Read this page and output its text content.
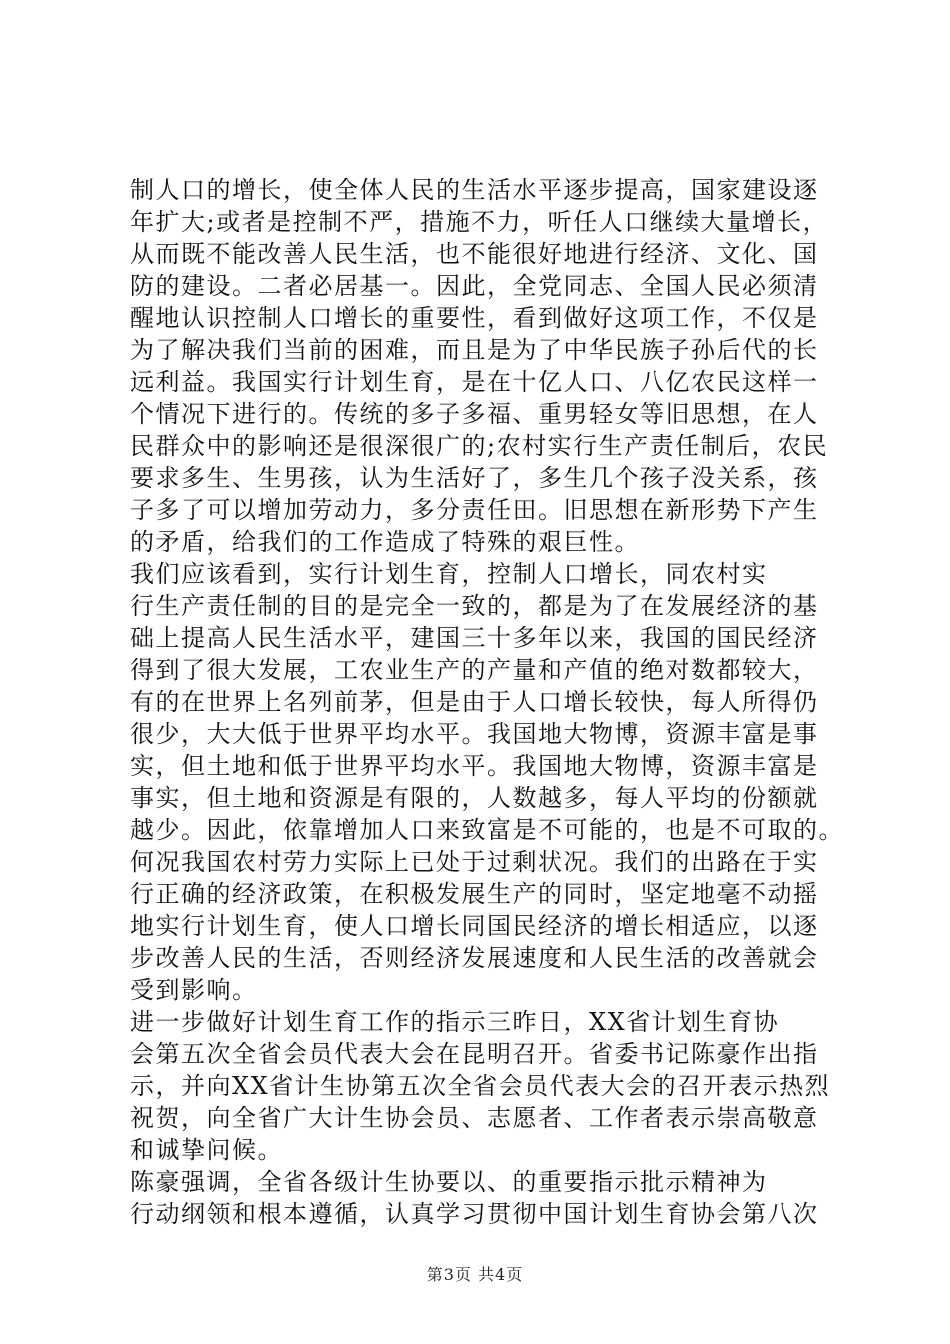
制人口的增长，使全体人民的生活水平逐步提高，国家建设逐
年扩大;或者是控制不严，措施不力，听任人口继续大量增长，
从而既不能改善人民生活，也不能很好地进行经济、文化、国
防的建设。二者必居基一。因此，全党同志、全国人民必须清
醒地认识控制人口增长的重要性，看到做好这项工作，不仅是
为了解决我们当前的困难，而且是为了中华民族子孙后代的长
远利益。我国实行计划生育，是在十亿人口、八亿农民这样一
个情况下进行的。传统的多子多福、重男轻女等旧思想，在人
民群众中的影响还是很深很广的;农村实行生产责任制后，农民
要求多生、生男孩，认为生活好了，多生几个孩子没关系，孩
子多了可以增加劳动力，多分责任田。旧思想在新形势下产生
的矛盾，给我们的工作造成了特殊的艰巨性。
我们应该看到，实行计划生育，控制人口增长，同农村实
行生产责任制的目的是完全一致的，都是为了在发展经济的基
础上提高人民生活水平，建国三十多年以来，我国的国民经济
得到了很大发展，工农业生产的产量和产值的绝对数都较大，
有的在世界上名列前茅，但是由于人口增长较快，每人所得仍
很少，大大低于世界平均水平。我国地大物博，资源丰富是事
实，但土地和低于世界平均水平。我国地大物博，资源丰富是
事实，但土地和资源是有限的，人数越多，每人平均的份额就
越少。因此，依靠增加人口来致富是不可能的，也是不可取的。
何况我国农村劳力实际上已处于过剩状况。我们的出路在于实
行正确的经济政策，在积极发展生产的同时，坚定地毫不动摇
地实行计划生育，使人口增长同国民经济的增长相适应，以逐
步改善人民的生活，否则经济发展速度和人民生活的改善就会
受到影响。
进一步做好计划生育工作的指示三昨日，XX省计划生育协
会第五次全省会员代表大会在昆明召开。省委书记陈豪作出指
示，并向XX省计生协第五次全省会员代表大会的召开表示热烈
祝贺，向全省广大计生协会员、志愿者、工作者表示崇高敬意
和诚挚问候。
陈豪强调，全省各级计生协要以、的重要指示批示精神为
行动纲领和根本遵循，认真学习贯彻中国计划生育协会第八次
第3页 共4页
